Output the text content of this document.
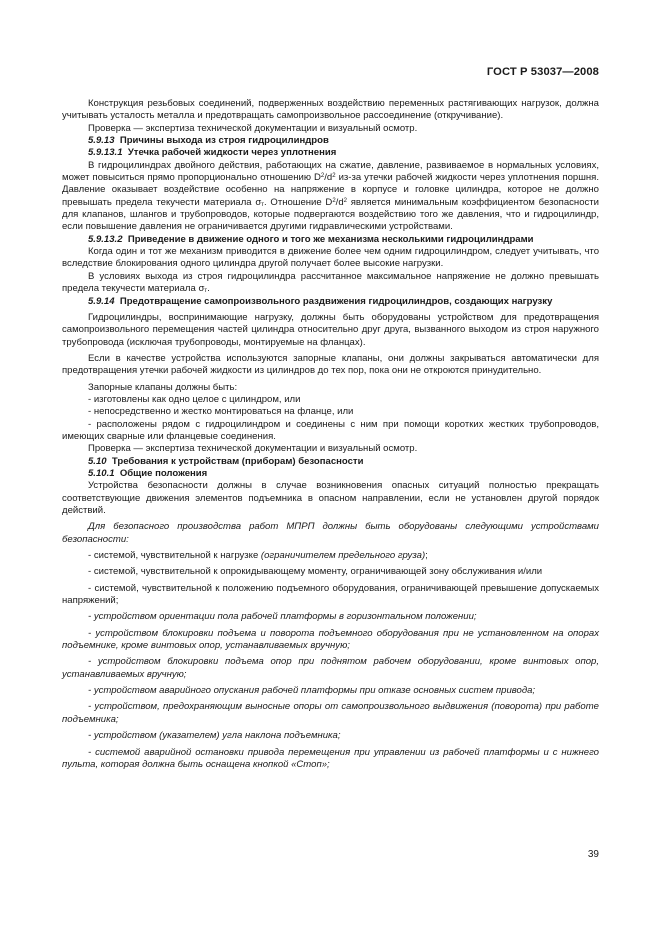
ГОСТ Р 53037—2008

Конструкция резьбовых соединений, подверженных воздействию переменных растягивающих нагрузок, должна учитывать усталость металла и предотвращать самопроизвольное рассоединение (откручивание).

Проверка — экспертиза технической документации и визуальный осмотр.

5.9.13 Причины выхода из строя гидроцилиндров

5.9.13.1 Утечка рабочей жидкости через уплотнения

В гидроцилиндрах двойного действия, работающих на сжатие, давление, развиваемое в нормальных условиях, может повыситься прямо пропорционально отношению $D^2/d^2$ из-за утечки рабочей жидкости через уплотнения поршня. Давление оказывает воздействие особенно на напряжение в корпусе и головке цилиндра, которое не должно превышать предела текучести материала $\sigma_т$. Отношение $D^2/d^2$ является минимальным коэффициентом безопасности для клапанов, шлангов и трубопроводов, которые подвергаются воздействию того же давления, что и гидроцилиндр, если повышение давления не ограничивается другими гидравлическими устройствами.

5.9.13.2 Приведение в движение одного и того же механизма несколькими гидроцилиндрами

Когда один и тот же механизм приводится в движение более чем одним гидроцилиндром, следует учитывать, что вследствие блокирования одного цилиндра другой получает более высокие нагрузки.

В условиях выхода из строя гидроцилиндра рассчитанное максимальное напряжение не должно превышать предела текучести материала $\sigma_т$.

5.9.14 Предотвращение самопроизвольного раздвижения гидроцилиндров, создающих нагрузку

Гидроцилиндры, воспринимающие нагрузку, должны быть оборудованы устройством для предотвращения самопроизвольного перемещения частей цилиндра относительно друг друга, вызванного выходом из строя наружного трубопровода (исключая трубопроводы, монтируемые на фланцах).

Если в качестве устройства используются запорные клапаны, они должны закрываться автоматически для предотвращения утечки рабочей жидкости из цилиндров до тех пор, пока они не откроются принудительно.

Запорные клапаны должны быть:

- изготовлены как одно целое с цилиндром, или

- непосредственно и жестко монтироваться на фланце, или

- расположены рядом с гидроцилиндром и соединены с ним при помощи коротких жестких трубопроводов, имеющих сварные или фланцевые соединения.

Проверка — экспертиза технической документации и визуальный осмотр.

5.10 Требования к устройствам (приборам) безопасности

5.10.1 Общие положения

Устройства безопасности должны в случае возникновения опасных ситуаций полностью прекращать соответствующие движения элементов подъемника в опасном направлении, если не установлен другой порядок действий.

Для безопасного производства работ МПРП должны быть оборудованы следующими устройствами безопасности:

- системой, чувствительной к нагрузке (ограничителем предельного груза);

- системой, чувствительной к опрокидывающему моменту, ограничивающей зону обслуживания и/или

- системой, чувствительной к положению подъемного оборудования, ограничивающей превышение допускаемых напряжений;

- устройством ориентации пола рабочей платформы в горизонтальном положении;

- устройством блокировки подъема и поворота подъемного оборудования при не установленном на опорах подъемнике, кроме винтовых опор, устанавливаемых вручную;

- устройством блокировки подъема опор при поднятом рабочем оборудовании, кроме винтовых опор, устанавливаемых вручную;

- устройством аварийного опускания рабочей платформы при отказе основных систем привода;

- устройством, предохраняющим выносные опоры от самопроизвольного выдвижения (поворота) при работе подъемника;

- устройством (указателем) угла наклона подъемника;

- системой аварийной остановки привода перемещения при управлении из рабочей платформы и с нижнего пульта, которая должна быть оснащена кнопкой «Стоп»;

39
